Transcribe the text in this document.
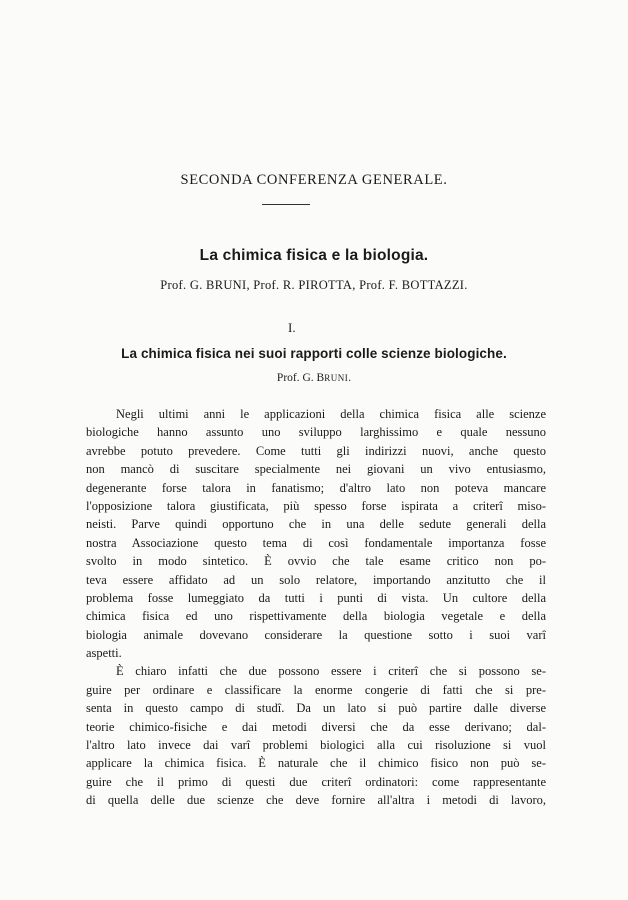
SECONDA CONFERENZA GENERALE.
La chimica fisica e la biologia.
Prof. G. BRUNI, Prof. R. PIROTTA, Prof. F. BOTTAZZI.
I.
La chimica fisica nei suoi rapporti colle scienze biologiche.
Prof. G. BRUNI.
Negli ultimi anni le applicazioni della chimica fisica alle scienze
biologiche hanno assunto uno sviluppo larghissimo e quale nessuno
avrebbe potuto prevedere. Come tutti gli indirizzi nuovi, anche questo
non mancò di suscitare specialmente nei giovani un vivo entusiasmo,
degenerante forse talora in fanatismo; d'altro lato non poteva mancare
l'opposizione talora giustificata, più spesso forse ispirata a criterî miso-
neisti. Parve quindi opportuno che in una delle sedute generali della
nostra Associazione questo tema di così fondamentale importanza fosse
svolto in modo sintetico. È ovvio che tale esame critico non po-
teva essere affidato ad un solo relatore, importando anzitutto che il
problema fosse lumeggiato da tutti i punti di vista. Un cultore della
chimica fisica ed uno rispettivamente della biologia vegetale e della
biologia animale dovevano considerare la questione sotto i suoi varî
aspetti.
È chiaro infatti che due possono essere i criterî che si possono se-
guire per ordinare e classificare la enorme congerie di fatti che si pre-
senta in questo campo di studî. Da un lato si può partire dalle diverse
teorie chimico-fisiche e dai metodi diversi che da esse derivano; dal-
l'altro lato invece dai varî problemi biologici alla cui risoluzione si vuol
applicare la chimica fisica. È naturale che il chimico fisico non può se-
guire che il primo di questi due criterî ordinatori: come rappresentante
di quella delle due scienze che deve fornire all'altra i metodi di lavoro,
